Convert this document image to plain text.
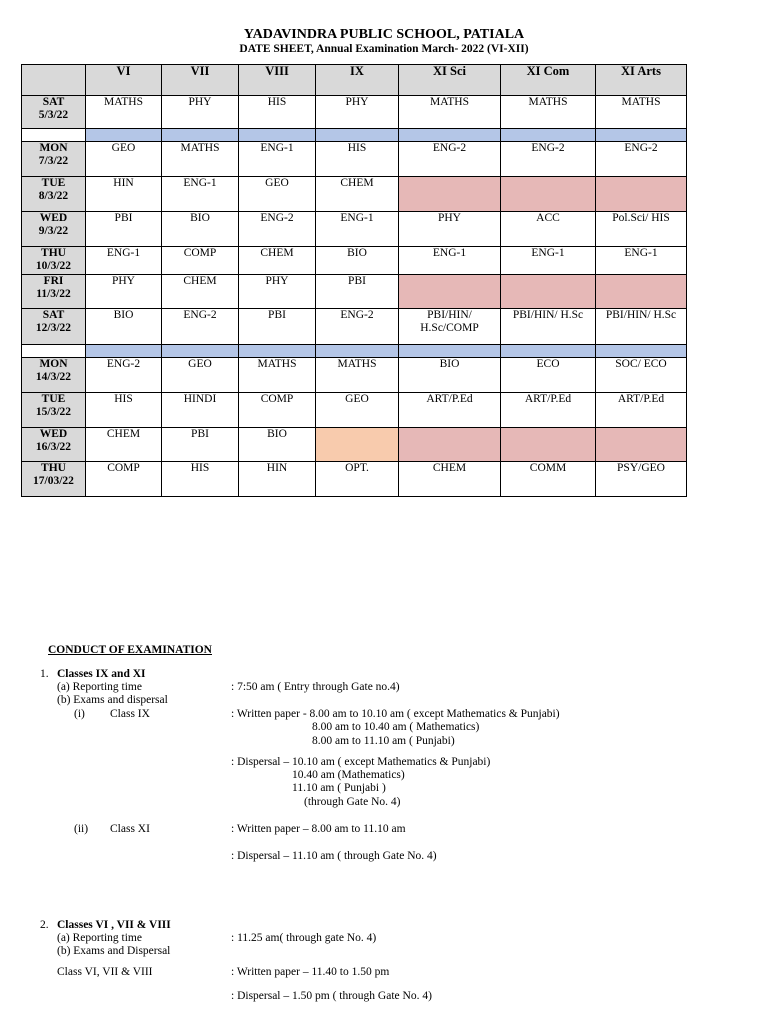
YADAVINDRA PUBLIC SCHOOL, PATIALA
DATE SHEET, Annual Examination March- 2022 (VI-XII)
	VI	VII	VIII	IX	XI Sci	XI Com	XI Arts
SAT
5/3/22	MATHS	PHY	HIS	PHY	MATHS	MATHS	MATHS

MON
7/3/22	GEO	MATHS	ENG-1	HIS	ENG-2	ENG-2	ENG-2
TUE
8/3/22	HIN	ENG-1	GEO	CHEM			
WED
9/3/22	PBI	BIO	ENG-2	ENG-1	PHY	ACC	Pol.Sci/ HIS
THU
10/3/22	ENG-1	COMP	CHEM	BIO	ENG-1	ENG-1	ENG-1
FRI
11/3/22	PHY	CHEM	PHY	PBI			
SAT
12/3/22	BIO	ENG-2	PBI	ENG-2	PBI/HIN/ H.Sc/COMP	PBI/HIN/ H.Sc	PBI/HIN/ H.Sc

MON
14/3/22	ENG-2	GEO	MATHS	MATHS	BIO	ECO	SOC/ ECO
TUE
15/3/22	HIS	HINDI	COMP	GEO	ART/P.Ed	ART/P.Ed	ART/P.Ed
WED
16/3/22	CHEM	PBI	BIO				
THU
17/03/22	COMP	HIS	HIN	OPT.	CHEM	COMM	PSY/GEO
CONDUCT OF EXAMINATION
1. Classes IX and XI
(a) Reporting time
(b) Exams and dispersal
(i) Class IX
: 7:50 am ( Entry through Gate no.4)
: Written paper - 8.00 am to 10.10 am ( except Mathematics & Punjabi)
8.00 am to 10.40 am ( Mathematics)
8.00 am to 11.10 am ( Punjabi)
: Dispersal – 10.10 am ( except Mathematics & Punjabi)
10.40 am (Mathematics)
11.10 am ( Punjabi )
(through Gate No. 4)
(ii) Class XI	: Written paper – 8.00 am to 11.10 am
: Dispersal – 11.10 am ( through Gate No. 4)
2. Classes VI , VII & VIII
(a) Reporting time
(b) Exams and Dispersal
: 11.25 am( through gate No. 4)
Class VI, VII & VIII	: Written paper – 11.40 to 1.50 pm
: Dispersal – 1.50 pm ( through Gate No. 4)
